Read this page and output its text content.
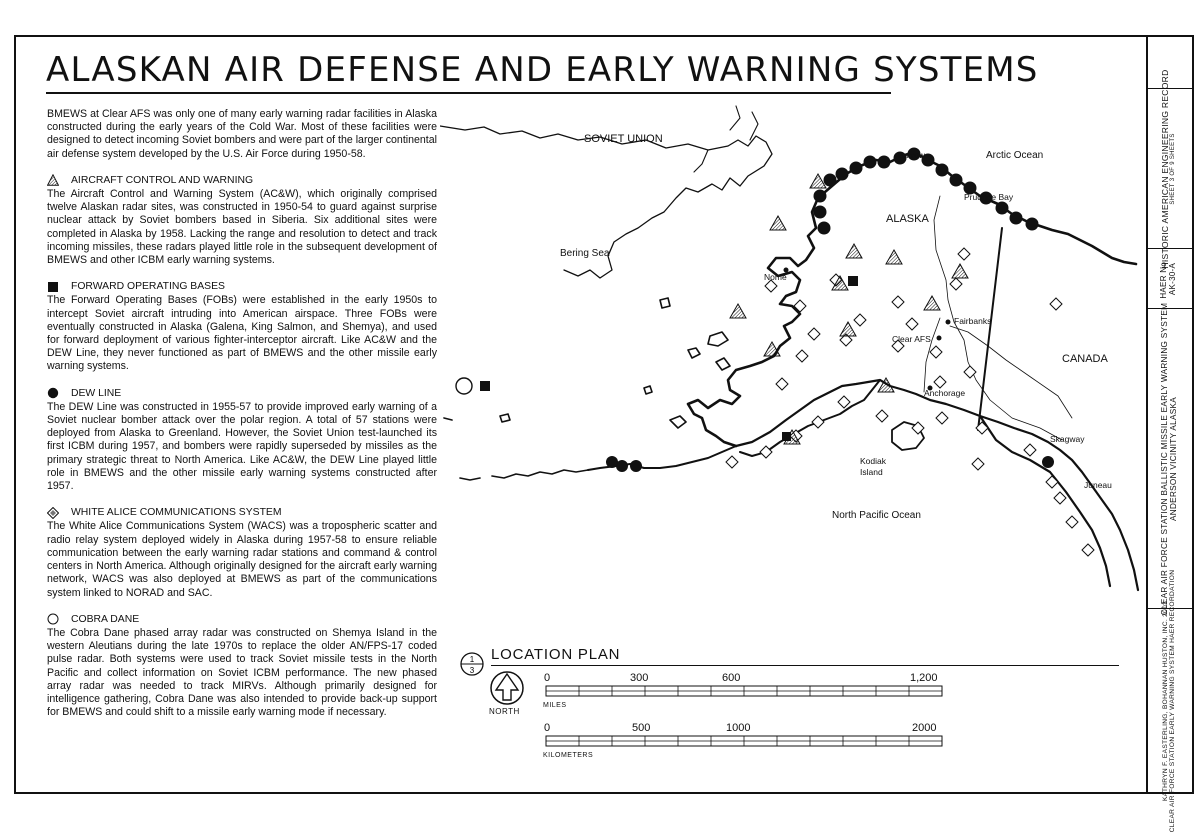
HISTORIC AMERICAN ENGINEERING RECORD SHEET 3 OF 9 SHEETS
HAER No. AK-30-A
CLEAR AIR FORCE STATION BALLISTIC MISSILE EARLY WARNING SYSTEM ANDERSON VICINITY ALASKA
KATHRYN F. EASTERLING, BOHANNAN HUSTON, INC. 2003 CLEAR AIR FORCE STATION EARLY WARNING SYSTEM HAER RECORDATION
ALASKAN AIR DEFENSE AND EARLY WARNING SYSTEMS

BMEWS at Clear AFS was only one of many early warning radar facilities in Alaska constructed during the early years of the Cold War. Most of these facilities were designed to detect incoming Soviet bombers and were part of the larger continental air defense system developed by the U.S. Air Force during 1950-58.

AIRCRAFT CONTROL AND WARNING

The Aircraft Control and Warning System (AC&W), which originally comprised twelve Alaskan radar sites, was constructed in 1950-54 to guard against surprise nuclear attack by Soviet bombers based in Siberia. Six additional sites were completed in Alaska by 1958. Lacking the range and resolution to detect and track incoming missiles, these radars played little role in the subsequent development of BMEWS and other ICBM early warning systems.

FORWARD OPERATING BASES

The Forward Operating Bases (FOBs) were established in the early 1950s to intercept Soviet aircraft intruding into American airspace. Three FOBs were eventually constructed in Alaska (Galena, King Salmon, and Shemya), and used for forward deployment of various fighter-interceptor aircraft. Like AC&W and the DEW Line, they never functioned as part of BMEWS and the other missile early warning systems.

DEW LINE

The DEW Line was constructed in 1955-57 to provide improved early warning of a Soviet nuclear bomber attack over the polar region. A total of 57 stations were deployed from Alaska to Greenland. However, the Soviet Union test-launched its first ICBM during 1957, and bombers were rapidly superseded by missiles as the primary strategic threat to North America. Like AC&W, the DEW Line played little role in BMEWS and the other missile early warning systems constructed after 1957.

WHITE ALICE COMMUNICATIONS SYSTEM

The White Alice Communications System (WACS) was a tropospheric scatter and radio relay system deployed widely in Alaska during 1957-58 to ensure reliable communication between the early warning radar stations and command & control centers in North America. Although originally designed for the aircraft early warning network, WACS was also deployed at BMEWS as part of the communications system linked to NORAD and SAC.

COBRA DANE

The Cobra Dane phased array radar was constructed on Shemya Island in the western Aleutians during the late 1970s to replace the older AN/FPS-17 coded pulse radar. Both systems were used to track Soviet missile tests in the North Pacific and collect information on Soviet ICBM performance. The new phased array radar was needed to track MIRVs. Although primarily designed for intelligence gathering, Cobra Dane was also intended to provide back-up support for BMEWS and could shift to a missile early warning mode if necessary.

SOVIET UNION
Arctic Ocean
ALASKA
Bering Sea
CANADA
North Pacific Ocean
Barrow
Prudhoe Bay
Nome
Fairbanks
Clear AFS
Anchorage
Kodiak
Island
Skagway
Juneau
1
3
LOCATION PLAN
NORTH
0	300	600	1,200
MILES
0	500	1000	2000
KILOMETERS
